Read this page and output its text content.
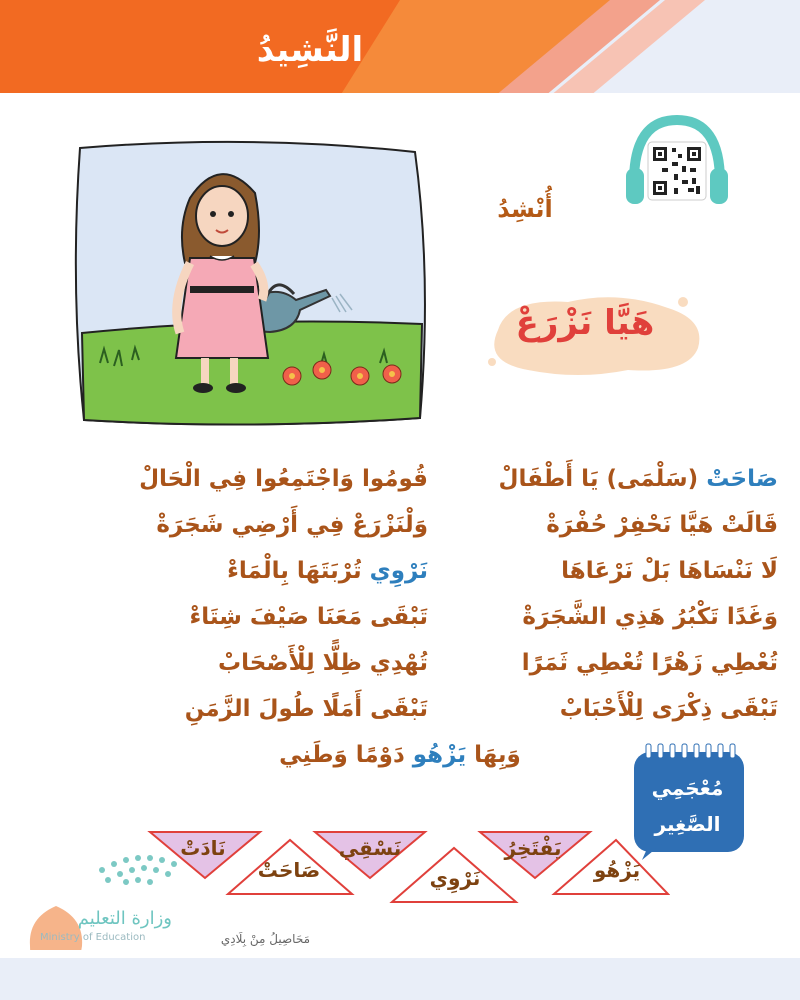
النَّشِيدُ
أُنْشِدُ
هَيَّا نَزْرَعْ
صَاحَتْ (سَلْمَى) يَا أَطْفَالْ
قَالَتْ هَيَّا نَحْفِرْ حُفْرَةْ
لَا نَنْسَاهَا بَلْ نَرْعَاهَا
وَغَدًا تَكْبُرُ هَذِي الشَّجَرَةْ
تُعْطِي زَهْرًا تُعْطِي ثَمَرًا
تَبْقَى ذِكْرَى لِلْأَحْبَابْ
قُومُوا وَاجْتَمِعُوا فِي الْحَالْ
وَلْنَزْرَعْ فِي أَرْضِي شَجَرَةْ
نَرْوِي تُرْبَتَهَا بِالْمَاءْ
تَبْقَى مَعَنَا صَيْفَ شِتَاءْ
تُهْدِي ظِلًّا لِلْأَصْحَابْ
تَبْقَى أَمَلًا طُولَ الزَّمَنِ
وَبِهَا يَزْهُو دَوْمًا وَطَنِي
مُعْجَمِي
الصَّغِير
يَزْهُو
يَفْتَخِرُ
نَرْوِي
نَسْقِي
صَاحَتْ
نَادَتْ
وزارة التعليم
Ministry of Education	مَحَاصِيلُ مِنْ بِلَادِي
